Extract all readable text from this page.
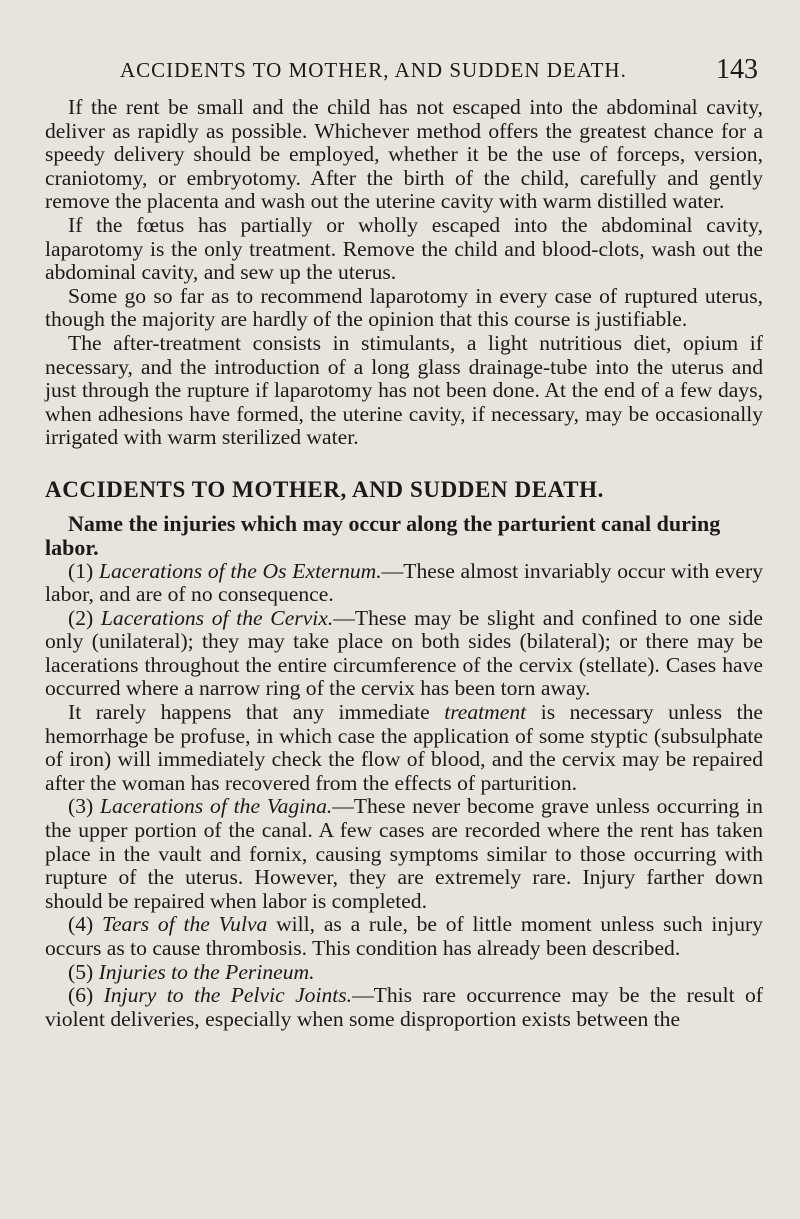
ACCIDENTS TO MOTHER, AND SUDDEN DEATH.	143

If the rent be small and the child has not escaped into the abdominal cavity, deliver as rapidly as possible. Whichever method offers the greatest chance for a speedy delivery should be employed, whether it be the use of forceps, version, craniotomy, or embryotomy. After the birth of the child, carefully and gently remove the placenta and wash out the uterine cavity with warm distilled water.

If the fœtus has partially or wholly escaped into the abdominal cavity, laparotomy is the only treatment. Remove the child and blood-clots, wash out the abdominal cavity, and sew up the uterus.

Some go so far as to recommend laparotomy in every case of ruptured uterus, though the majority are hardly of the opinion that this course is justifiable.

The after-treatment consists in stimulants, a light nutritious diet, opium if necessary, and the introduction of a long glass drainage-tube into the uterus and just through the rupture if laparotomy has not been done. At the end of a few days, when adhesions have formed, the uterine cavity, if necessary, may be occasionally irrigated with warm sterilized water.

ACCIDENTS TO MOTHER, AND SUDDEN DEATH.

Name the injuries which may occur along the parturient canal during labor.

(1) Lacerations of the Os Externum.—These almost invariably occur with every labor, and are of no consequence.

(2) Lacerations of the Cervix.—These may be slight and confined to one side only (unilateral); they may take place on both sides (bilateral); or there may be lacerations throughout the entire circumference of the cervix (stellate). Cases have occurred where a narrow ring of the cervix has been torn away.

It rarely happens that any immediate treatment is necessary unless the hemorrhage be profuse, in which case the application of some styptic (subsulphate of iron) will immediately check the flow of blood, and the cervix may be repaired after the woman has recovered from the effects of parturition.

(3) Lacerations of the Vagina.—These never become grave unless occurring in the upper portion of the canal. A few cases are recorded where the rent has taken place in the vault and fornix, causing symptoms similar to those occurring with rupture of the uterus. However, they are extremely rare. Injury farther down should be repaired when labor is completed.

(4) Tears of the Vulva will, as a rule, be of little moment unless such injury occurs as to cause thrombosis. This condition has already been described.

(5) Injuries to the Perineum.

(6) Injury to the Pelvic Joints.—This rare occurrence may be the result of violent deliveries, especially when some disproportion exists between the
